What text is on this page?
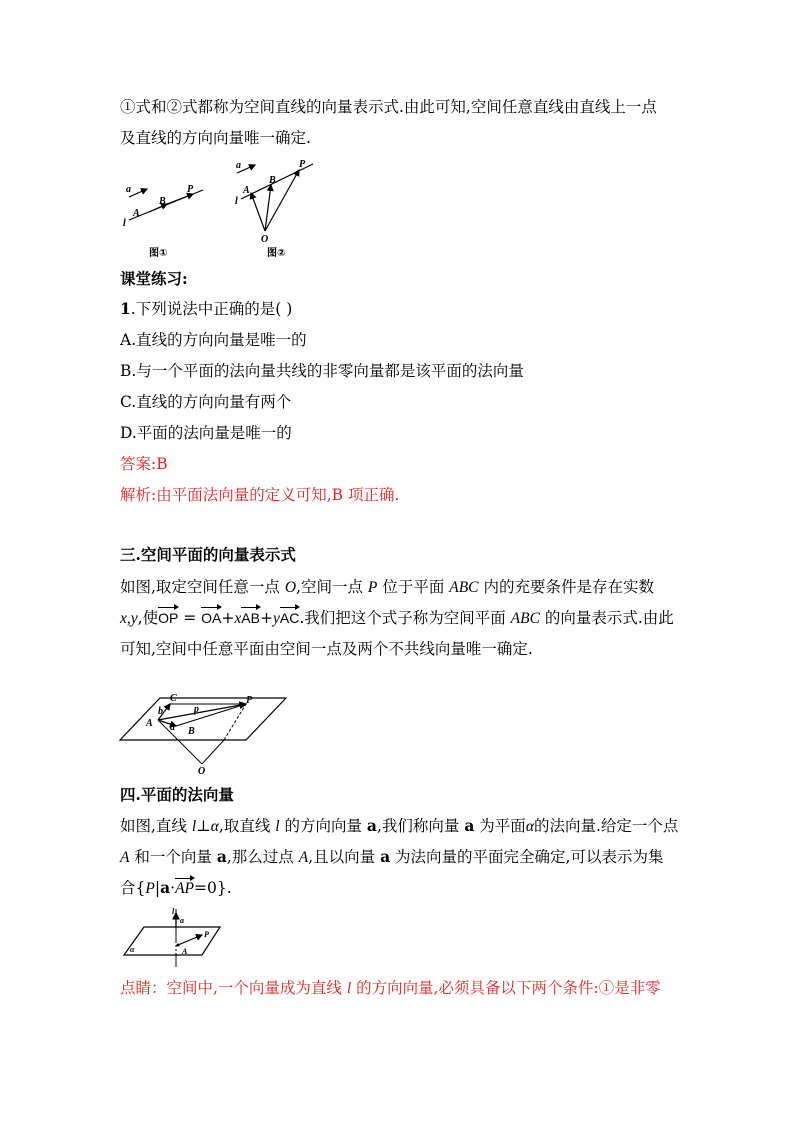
①式和②式都称为空间直线的向量表示式.由此可知,空间任意直线由直线上一点
及直线的方向向量唯一确定.
a
l
A
B
P
图①
a
l
A
B
P
O
图②
课堂练习:
1.下列说法中正确的是( )
A.直线的方向向量是唯一的
B.与一个平面的法向量共线的非零向量都是该平面的法向量
C.直线的方向向量有两个
D.平面的法向量是唯一的
答案:B
解析:由平面法向量的定义可知,B 项正确.
三.空间平面的向量表示式
如图,取定空间任意一点 O,空间一点 P 位于平面 ABC 内的充要条件是存在实数
x,y,使OP = OA+xAB+yAC.我们把这个式子称为空间平面 ABC 的向量表示式.由此
可知,空间中任意平面由空间一点及两个不共线向量唯一确定.
C	P
b	p
A a B
O
四.平面的法向量
如图,直线 l⊥α,取直线 l 的方向向量 a,我们称向量 a 为平面α的法向量.给定一个点
A 和一个向量 a,那么过点 A,且以向量 a 为法向量的平面完全确定,可以表示为集
合{P|a·AP=0}.
l
a
P
A
α
点睛：空间中,一个向量成为直线 l 的方向向量,必须具备以下两个条件:①是非零
